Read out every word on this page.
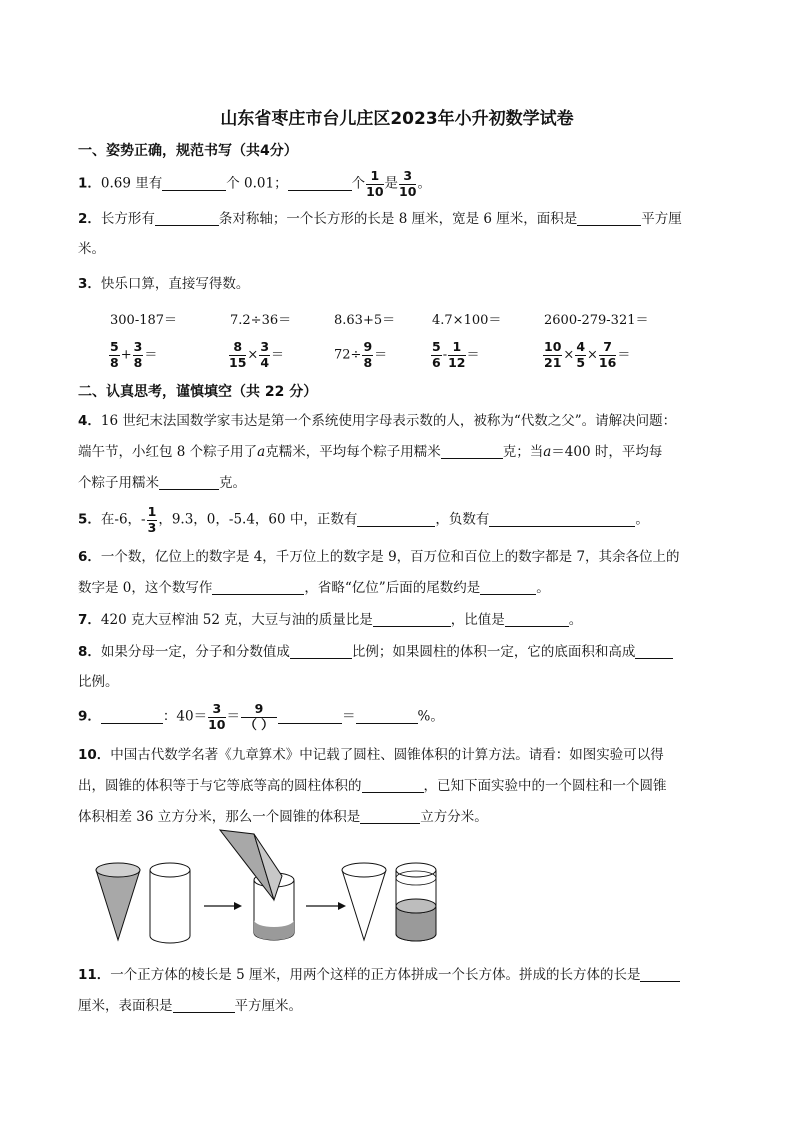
山东省枣庄市台儿庄区2023年小升初数学试卷
一、姿势正确，规范书写（共4分）
1．0.69 里有	个 0.01；	个 $\frac{1}{10}$ 是 $\frac{3}{10}$ 。
2．长方形有	条对称轴；一个长方形的长是 8 厘米，宽是 6 厘米，面积是	平方厘
米。
3．快乐口算，直接写得数。
300-187＝	7.2÷36＝	8.63+5＝	4.7×100＝	2600-279-321＝
$\frac{5}{8} + \frac{3}{8}$ ＝	$\frac{8}{15} \times \frac{3}{4}$ ＝	$72\div \frac{9}{8}$ ＝	$\frac{5}{6} - \frac{1}{12}$ ＝	$\frac{10}{21} \times \frac{4}{5} \times \frac{7}{16}$ ＝
二、认真思考，谨慎填空（共 22 分）
4．16 世纪末法国数学家韦达是第一个系统使用字母表示数的人，被称为“代数之父”。请解决问题：
端午节，小红包 8 个粽子用了a克糯米，平均每个粽子用糯米	克；当a＝400 时，平均每
个粽子用糯米	克。
5．在-6，- $\frac{1}{3}$ ，9.3，0，-5.4，60 中，正数有	，负数有	。
6．一个数，亿位上的数字是 4，千万位上的数字是 9，百万位和百位上的数字都是 7，其余各位上的
数字是 0，这个数写作	，省略“亿位”后面的尾数约是	。
7．420 克大豆榨油 52 克，大豆与油的质量比是	，比值是	。
8．如果分母一定，分子和分数值成	比例；如果圆柱的体积一定，它的底面积和高成
比例。
9．	：$40= \frac{3}{10} = \frac{9}{( )}$	＝	%。
10．中国古代数学名著《九章算术》中记载了圆柱、圆锥体积的计算方法。请看：如图实验可以得
出，圆锥的体积等于与它等底等高的圆柱体积的	，已知下面实验中的一个圆柱和一个圆锥
体积相差 36 立方分米，那么一个圆锥的体积是	立方分米。
11．一个正方体的棱长是 5 厘米，用两个这样的正方体拼成一个长方体。拼成的长方体的长是
厘米，表面积是	平方厘米。
